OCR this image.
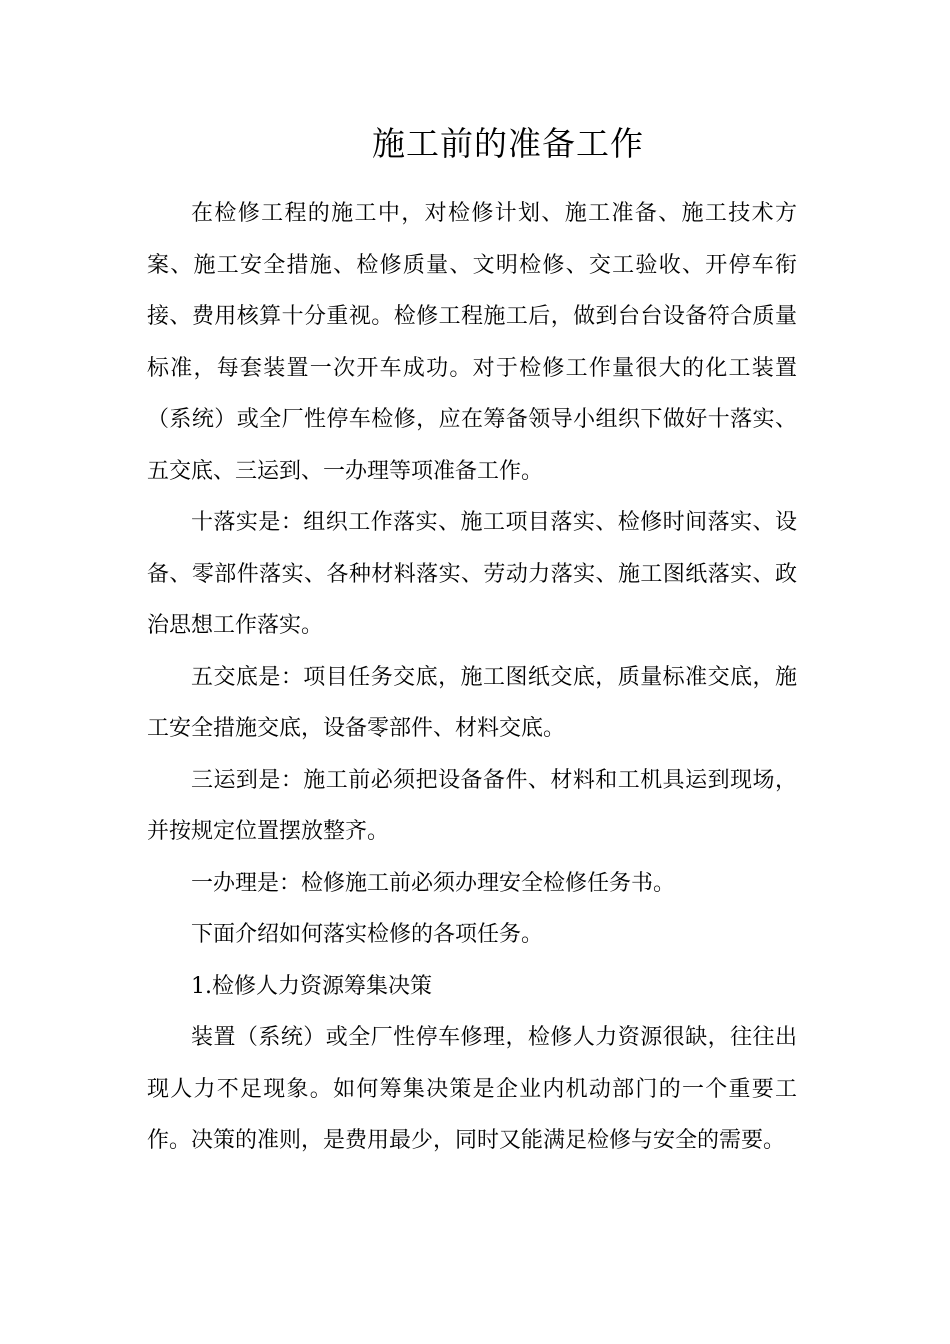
施工前的准备工作
在检修工程的施工中，对检修计划、施工准备、施工技术方
案、施工安全措施、检修质量、文明检修、交工验收、开停车衔
接、费用核算十分重视。检修工程施工后，做到台台设备符合质量
标准，每套装置一次开车成功。对于检修工作量很大的化工装置
（系统）或全厂性停车检修，应在筹备领导小组织下做好十落实、
五交底、三运到、一办理等项准备工作。
十落实是：组织工作落实、施工项目落实、检修时间落实、设
备、零部件落实、各种材料落实、劳动力落实、施工图纸落实、政
治思想工作落实。
五交底是：项目任务交底，施工图纸交底，质量标准交底，施
工安全措施交底，设备零部件、材料交底。
三运到是：施工前必须把设备备件、材料和工机具运到现场，
并按规定位置摆放整齐。
一办理是：检修施工前必须办理安全检修任务书。
下面介绍如何落实检修的各项任务。
1.检修人力资源筹集决策
装置（系统）或全厂性停车修理，检修人力资源很缺，往往出
现人力不足现象。如何筹集决策是企业内机动部门的一个重要工
作。决策的准则，是费用最少，同时又能满足检修与安全的需要。
